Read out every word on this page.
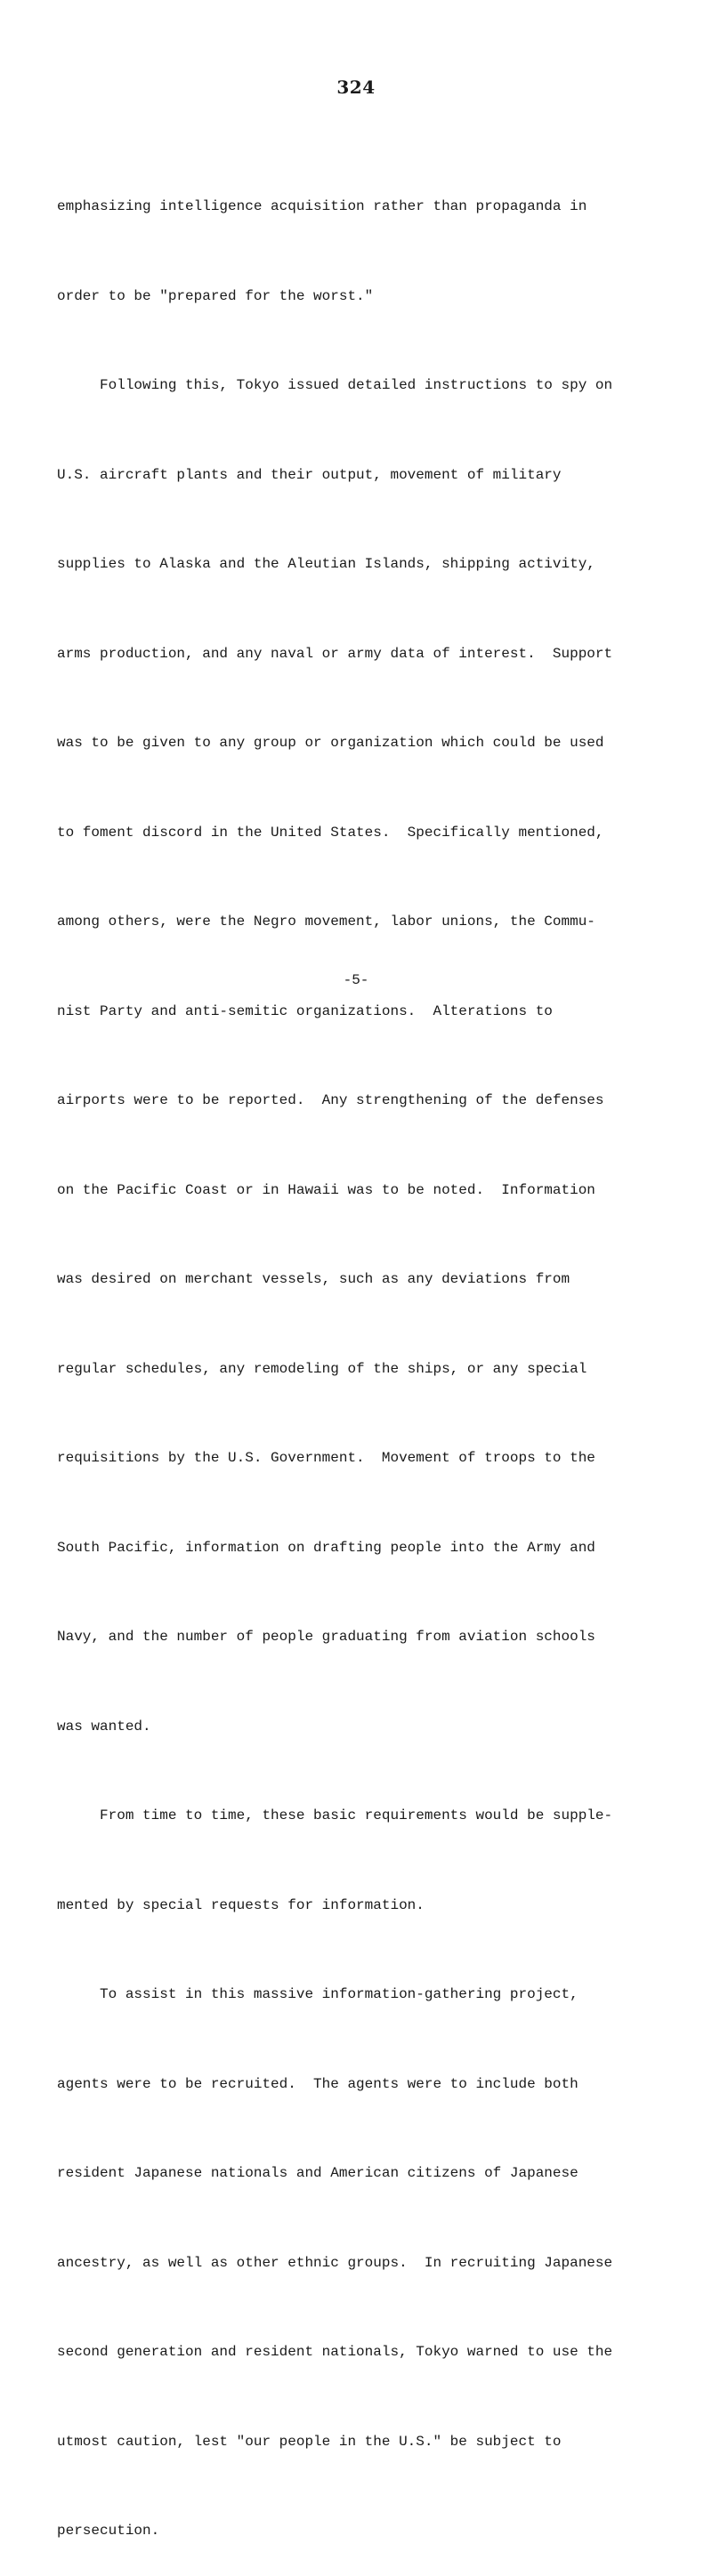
324

emphasizing intelligence acquisition rather than propaganda in

order to be "prepared for the worst."

Following this, Tokyo issued detailed instructions to spy on

U.S. aircraft plants and their output, movement of military

supplies to Alaska and the Aleutian Islands, shipping activity,

arms production, and any naval or army data of interest.  Support

was to be given to any group or organization which could be used

to foment discord in the United States.  Specifically mentioned,

among others, were the Negro movement, labor unions, the Commu-

nist Party and anti-semitic organizations.  Alterations to

airports were to be reported.  Any strengthening of the defenses

on the Pacific Coast or in Hawaii was to be noted.  Information

was desired on merchant vessels, such as any deviations from

regular schedules, any remodeling of the ships, or any special

requisitions by the U.S. Government.  Movement of troops to the

South Pacific, information on drafting people into the Army and

Navy, and the number of people graduating from aviation schools

was wanted.

From time to time, these basic requirements would be supple-

mented by special requests for information.

To assist in this massive information-gathering project,

agents were to be recruited.  The agents were to include both

resident Japanese nationals and American citizens of Japanese

ancestry, as well as other ethnic groups.  In recruiting Japanese

second generation and resident nationals, Tokyo warned to use the

utmost caution, lest "our people in the U.S." be subject to

persecution.

-5-
